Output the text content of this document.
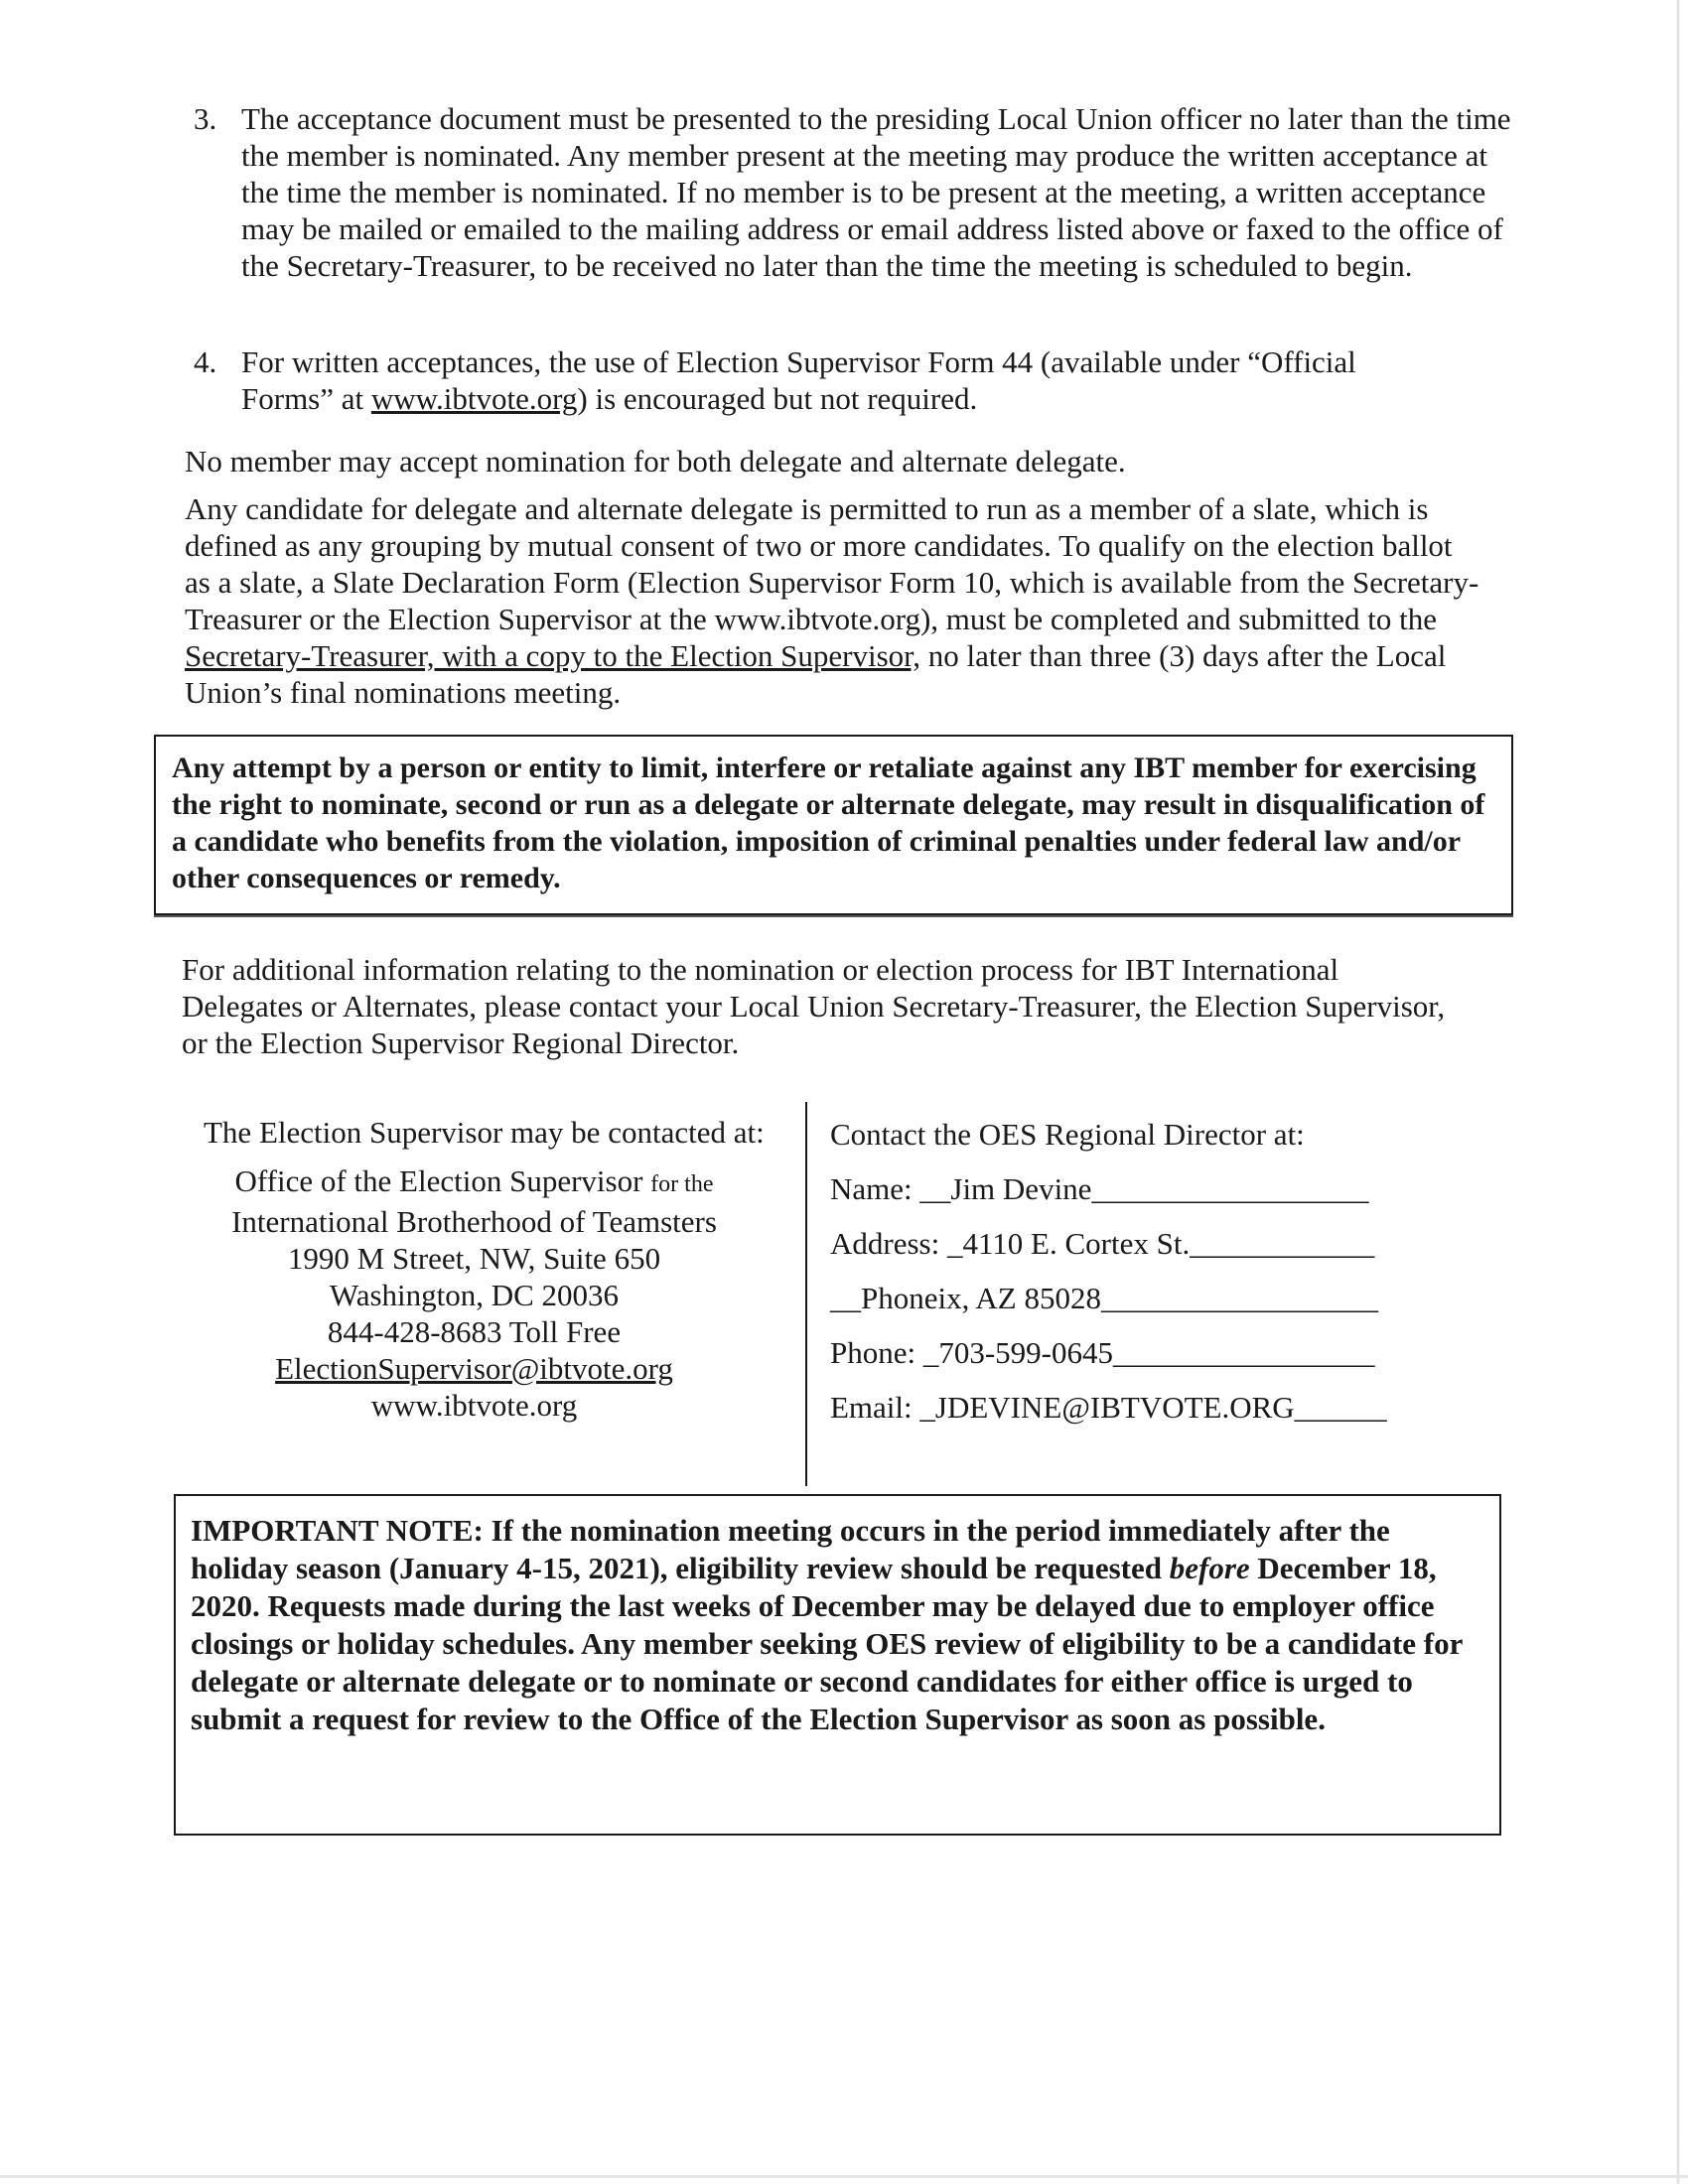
3. The acceptance document must be presented to the presiding Local Union officer no later than the time the member is nominated. Any member present at the meeting may produce the written acceptance at the time the member is nominated. If no member is to be present at the meeting, a written acceptance may be mailed or emailed to the mailing address or email address listed above or faxed to the office of the Secretary-Treasurer, to be received no later than the time the meeting is scheduled to begin.
4. For written acceptances, the use of Election Supervisor Form 44 (available under “Official Forms” at www.ibtvote.org) is encouraged but not required.
No member may accept nomination for both delegate and alternate delegate.
Any candidate for delegate and alternate delegate is permitted to run as a member of a slate, which is defined as any grouping by mutual consent of two or more candidates. To qualify on the election ballot as a slate, a Slate Declaration Form (Election Supervisor Form 10, which is available from the Secretary-Treasurer or the Election Supervisor at the www.ibtvote.org), must be completed and submitted to the Secretary-Treasurer, with a copy to the Election Supervisor, no later than three (3) days after the Local Union’s final nominations meeting.

Any attempt by a person or entity to limit, interfere or retaliate against any IBT member for exercising the right to nominate, second or run as a delegate or alternate delegate, may result in disqualification of a candidate who benefits from the violation, imposition of criminal penalties under federal law and/or other consequences or remedy.

For additional information relating to the nomination or election process for IBT International Delegates or Alternates, please contact your Local Union Secretary-Treasurer, the Election Supervisor, or the Election Supervisor Regional Director.

The Election Supervisor may be contacted at:

Office of the Election Supervisor for the
International Brotherhood of Teamsters
1990 M Street, NW, Suite 650
Washington, DC 20036
844-428-8683 Toll Free
ElectionSupervisor@ibtvote.org
www.ibtvote.org
Contact the OES Regional Director at:
Name: __Jim Devine__________________
Address: _4110 E. Cortex St.____________
__Phoneix, AZ 85028__________________
Phone: _703-599-0645_________________
Email: _JDEVINE@IBTVOTE.ORG______

IMPORTANT NOTE: If the nomination meeting occurs in the period immediately after the holiday season (January 4-15, 2021), eligibility review should be requested before December 18, 2020. Requests made during the last weeks of December may be delayed due to employer office closings or holiday schedules. Any member seeking OES review of eligibility to be a candidate for delegate or alternate delegate or to nominate or second candidates for either office is urged to submit a request for review to the Office of the Election Supervisor as soon as possible.
